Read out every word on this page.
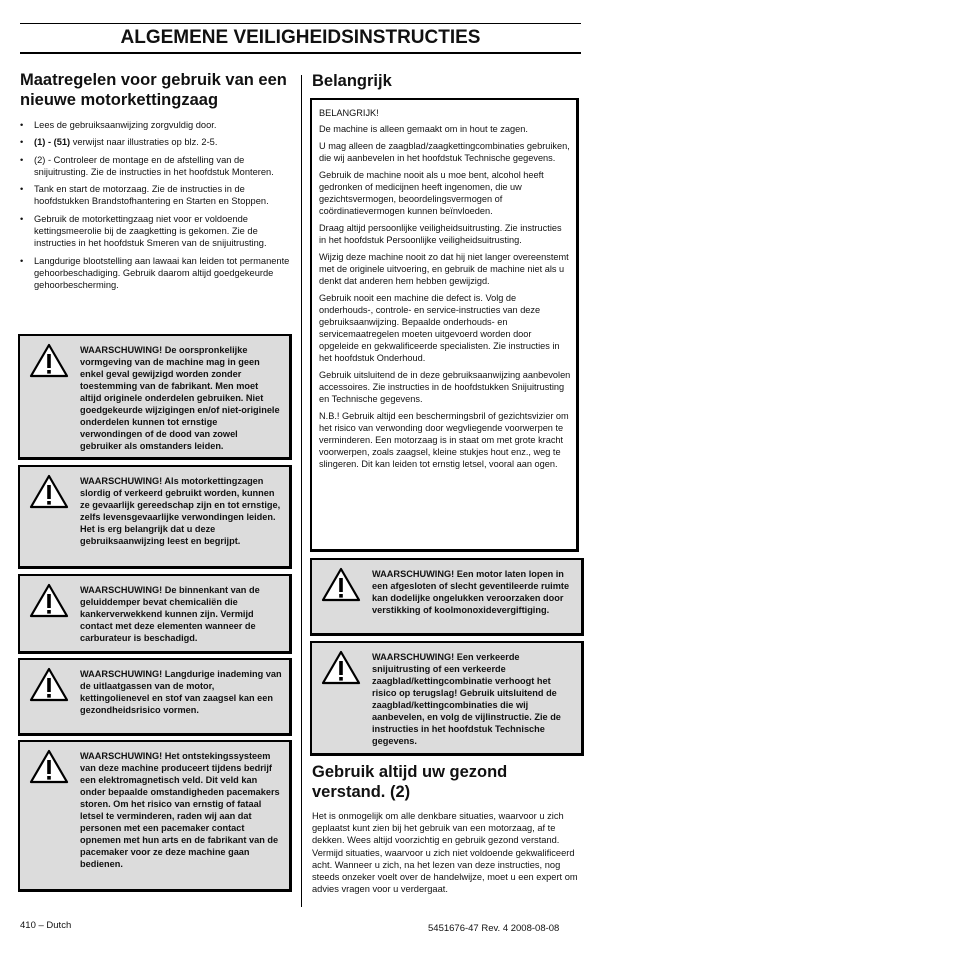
ALGEMENE VEILIGHEIDSINSTRUCTIES
Maatregelen voor gebruik van een nieuwe motorkettingzaag
• Lees de gebruiksaanwijzing zorgvuldig door.
• (1) - (51) verwijst naar illustraties op blz. 2-5.
• (2) - Controleer de montage en de afstelling van de snijuitrusting. Zie de instructies in het hoofdstuk Monteren.
• Tank en start de motorzaag. Zie de instructies in de hoofdstukken Brandstofhantering en Starten en Stoppen.
• Gebruik de motorkettingzaag niet voor er voldoende kettingsmeerolie bij de zaagketting is gekomen. Zie de instructies in het hoofdstuk Smeren van de snijuitrusting.
• Langdurige blootstelling aan lawaai kan leiden tot permanente gehoorbeschadiging. Gebruik daarom altijd goedgekeurde gehoorbescherming.
WAARSCHUWING! De oorspronkelijke vormgeving van de machine mag in geen enkel geval gewijzigd worden zonder toestemming van de fabrikant. Men moet altijd originele onderdelen gebruiken. Niet goedgekeurde wijzigingen en/of niet-originele onderdelen kunnen tot ernstige verwondingen of de dood van zowel gebruiker als omstanders leiden.
WAARSCHUWING! Als motorkettingzagen slordig of verkeerd gebruikt worden, kunnen ze gevaarlijk gereedschap zijn en tot ernstige, zelfs levensgevaarlijke verwondingen leiden. Het is erg belangrijk dat u deze gebruiksaanwijzing leest en begrijpt.
WAARSCHUWING! De binnenkant van de geluiddemper bevat chemicaliën die kankerverwekkend kunnen zijn. Vermijd contact met deze elementen wanneer de carburateur is beschadigd.
WAARSCHUWING! Langdurige inademing van de uitlaatgassen van de motor, kettingolienevel en stof van zaagsel kan een gezondheidsrisico vormen.
WAARSCHUWING! Het ontstekingssysteem van deze machine produceert tijdens bedrijf een elektromagnetisch veld. Dit veld kan onder bepaalde omstandigheden pacemakers storen. Om het risico van ernstig of fataal letsel te verminderen, raden wij aan dat personen met een pacemaker contact opnemen met hun arts en de fabrikant van de pacemaker voor ze deze machine gaan bedienen.
Belangrijk

BELANGRIJK!

De machine is alleen gemaakt om in hout te zagen.

U mag alleen de zaagblad/zaagkettingcombinaties gebruiken, die wij aanbevelen in het hoofdstuk Technische gegevens.

Gebruik de machine nooit als u moe bent, alcohol heeft gedronken of medicijnen heeft ingenomen, die uw gezichtsvermogen, beoordelingsvermogen of coördinatievermogen kunnen beïnvloeden.

Draag altijd persoonlijke veiligheidsuitrusting. Zie instructies in het hoofdstuk Persoonlijke veiligheidsuitrusting.

Wijzig deze machine nooit zo dat hij niet langer overeenstemt met de originele uitvoering, en gebruik de machine niet als u denkt dat anderen hem hebben gewijzigd.

Gebruik nooit een machine die defect is. Volg de onderhouds-, controle- en service-instructies van deze gebruiksaanwijzing. Bepaalde onderhouds- en servicemaatregelen moeten uitgevoerd worden door opgeleide en gekwalificeerde specialisten. Zie instructies in het hoofdstuk Onderhoud.

Gebruik uitsluitend de in deze gebruiksaanwijzing aanbevolen accessoires. Zie instructies in de hoofdstukken Snijuitrusting en Technische gegevens.

N.B.! Gebruik altijd een beschermingsbril of gezichtsvizier om het risico van verwonding door wegvliegende voorwerpen te verminderen. Een motorzaag is in staat om met grote kracht voorwerpen, zoals zaagsel, kleine stukjes hout enz., weg te slingeren. Dit kan leiden tot ernstig letsel, vooral aan ogen.

WAARSCHUWING! Een motor laten lopen in een afgesloten of slecht geventileerde ruimte kan dodelijke ongelukken veroorzaken door verstikking of koolmonoxidevergiftiging.
WAARSCHUWING! Een verkeerde snijuitrusting of een verkeerde zaagblad/kettingcombinatie verhoogt het risico op terugslag! Gebruik uitsluitend de zaagblad/kettingcombinaties die wij aanbevelen, en volg de vijlinstructie. Zie de instructies in het hoofdstuk Technische gegevens.
Gebruik altijd uw gezond verstand. (2)
Het is onmogelijk om alle denkbare situaties, waarvoor u zich geplaatst kunt zien bij het gebruik van een motorzaag, af te dekken. Wees altijd voorzichtig en gebruik gezond verstand. Vermijd situaties, waarvoor u zich niet voldoende gekwalificeerd acht. Wanneer u zich, na het lezen van deze instructies, nog steeds onzeker voelt over de handelwijze, moet u een expert om advies vragen voor u verdergaat.
410 – Dutch	5451676-47 Rev. 4 2008-08-08
